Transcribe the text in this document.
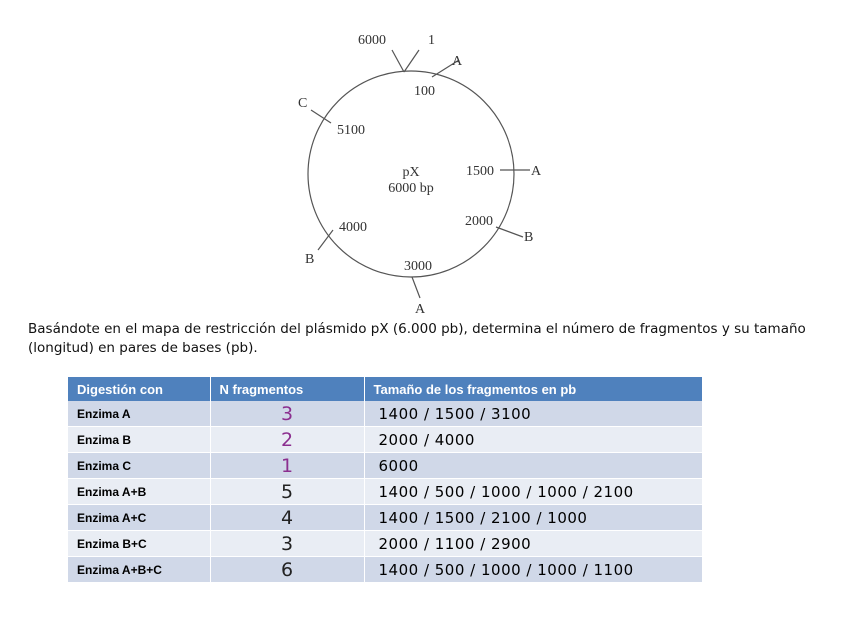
6000	1
A
100
C
5100
A
1500
B
2000
A
3000
B
4000
pX
6000 bp

Basándote en el mapa de restricción del plásmido pX (6.000 pb), determina el número de fragmentos y su tamaño (longitud) en pares de bases (pb).

Digestión con	N fragmentos	Tamaño de los fragmentos en pb
Enzima A	3	1400 / 1500 / 3100
Enzima B	2	2000 / 4000
Enzima C	1	6000
Enzima A+B	5	1400 / 500 / 1000 / 1000 / 2100
Enzima A+C	4	1400 / 1500 / 2100 / 1000
Enzima B+C	3	2000 / 1100 / 2900
Enzima A+B+C	6	1400 / 500 / 1000 / 1000 / 1100
